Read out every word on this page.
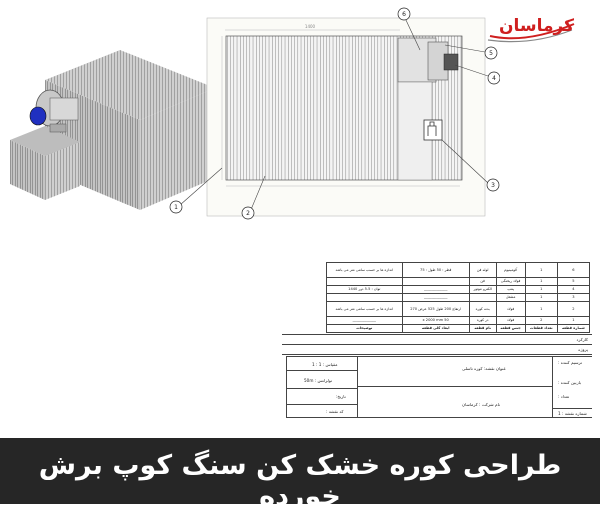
1400
6
5
4
3
1
2
کرماسان
اندازه ها بر حسب سانتی متر می باشد	قطر : 50 طول : 75	لوله فن	آلومینیوم	1	6
		فن	فولاد ریخنگی	1	5
توان : 5.5 دور 1440	_____________	الکترو موتور	پمپ	1	4
	_____________		مشعل	1	3
اندازه ها بر حسب سانتی متر می باشد	ارتفاع 200 طول 525 عرض 270	بدنه کوره	فولاد	1	2
_____________	50 x 2000 mm	در کوره	فولاد	2	1
توضیحات	ابعاد کلی قطعه	نام قطعه	جنس قطعه	تعداد قطعات	شماره قطعه
کارکرد
پروژه
ترسیم کننده :
بازبین کننده :
تعداد :
شماره نقشه : 1
مقیاس : 1 : 1
تولرانس : 50m
تاریخ:
کد نقشه :
عنوان نقشه: کوره تاسلی
نام شرکت : کرماسان
طراحی کوره خشک کن سنگ کوپ برش خورده
